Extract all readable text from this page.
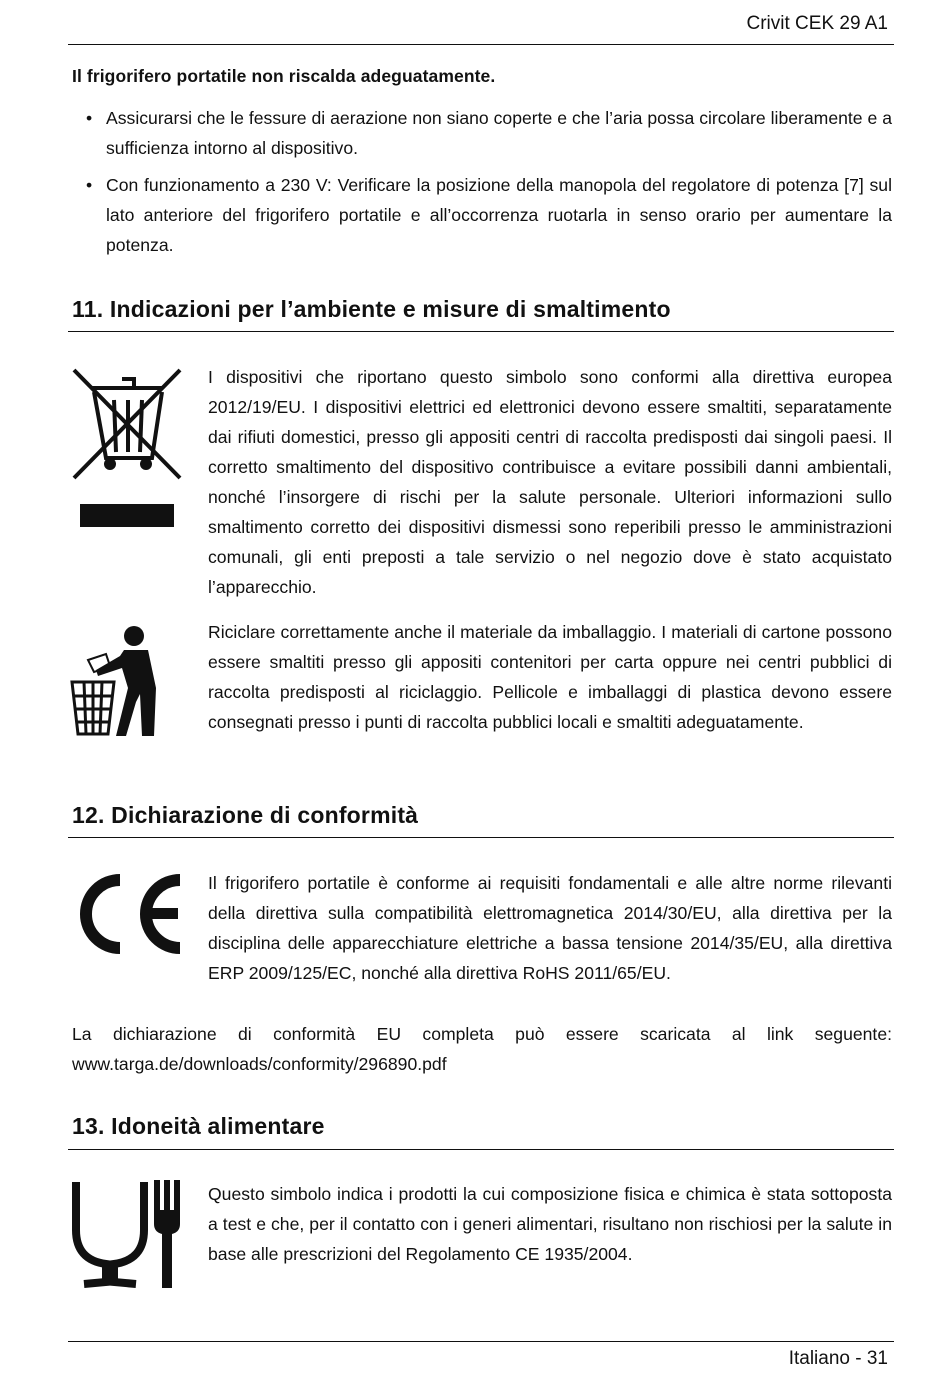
Crivit CEK 29 A1
Il frigorifero portatile non riscalda adeguatamente.
• Assicurarsi che le fessure di aerazione non siano coperte e che l’aria possa circolare liberamente e a sufficienza intorno al dispositivo.
• Con funzionamento a 230 V: Verificare la posizione della manopola del regolatore di potenza [7] sul lato anteriore del frigorifero portatile e all’occorrenza ruotarla in senso orario per aumentare la potenza.
11. Indicazioni per l’ambiente e misure di smaltimento

I dispositivi che riportano questo simbolo sono conformi alla direttiva europea 2012/19/EU. I dispositivi elettrici ed elettronici devono essere smaltiti, separatamente dai rifiuti domestici, presso gli appositi centri di raccolta predisposti dai singoli paesi. Il corretto smaltimento del dispositivo contribuisce a evitare possibili danni ambientali, nonché l’insorgere di rischi per la salute personale. Ulteriori informazioni sullo smaltimento corretto dei dispositivi dismessi sono reperibili presso le amministrazioni comunali, gli enti preposti a tale servizio o nel negozio dove è stato acquistato l’apparecchio.

Riciclare correttamente anche il materiale da imballaggio. I materiali di cartone possono essere smaltiti presso gli appositi contenitori per carta oppure nei centri pubblici di raccolta predisposti al riciclaggio. Pellicole e imballaggi di plastica devono essere consegnati presso i punti di raccolta pubblici locali e smaltiti adeguatamente.

12. Dichiarazione di conformità

Il frigorifero portatile è conforme ai requisiti fondamentali e alle altre norme rilevanti della direttiva sulla compatibilità elettromagnetica 2014/30/EU, alla direttiva per la disciplina delle apparecchiature elettriche a bassa tensione 2014/35/EU, alla direttiva ERP 2009/125/EC, nonché alla direttiva RoHS 2011/65/EU.

La dichiarazione di conformità EU completa può essere scaricata al link seguente: www.targa.de/downloads/conformity/296890.pdf

13. Idoneità alimentare

Questo simbolo indica i prodotti la cui composizione fisica e chimica è stata sottoposta a test e che, per il contatto con i generi alimentari, risultano non rischiosi per la salute in base alle prescrizioni del Regolamento CE 1935/2004.

Italiano - 31
